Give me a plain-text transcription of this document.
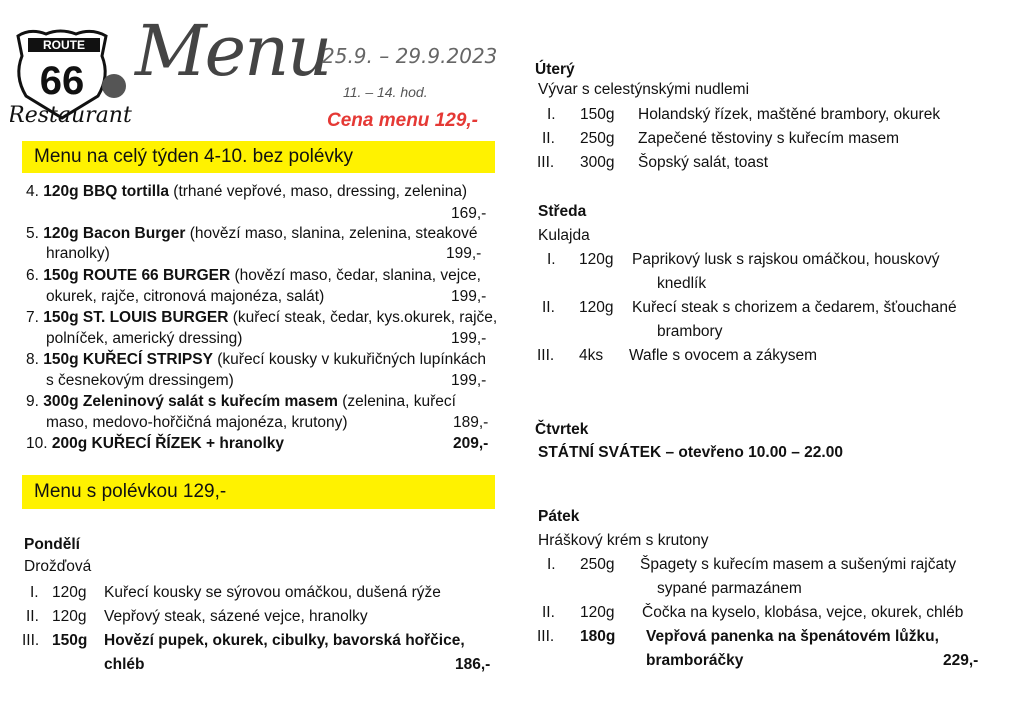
ROUTE
66
Restaurant
Menu
25.9. – 29.9.2023
11. – 14. hod.
Cena menu 129,-
Menu na celý týden 4-10. bez polévky
4. 120g BBQ tortilla (trhané vepřové, maso, dressing, zelenina)
169,-
5. 120g Bacon Burger (hovězí maso, slanina, zelenina, steakové
hranolky)	199,-
6. 150g ROUTE 66 BURGER (hovězí maso, čedar, slanina, vejce,
okurek, rajče, citronová majonéza, salát)	199,-
7. 150g ST. LOUIS BURGER (kuřecí steak, čedar, kys.okurek, rajče,
polníček, americký dressing)	199,-
8. 150g KUŘECÍ STRIPSY (kuřecí kousky v kukuřičných lupínkách
s česnekovým dressingem)	199,-
9. 300g Zeleninový salát s kuřecím masem (zelenina, kuřecí
maso, medovo-hořčičná majonéza, krutony)	189,-
10. 200g KUŘECÍ ŘÍZEK + hranolky	209,-
Menu s polévkou 129,-
Pondělí
Drožďová
I. 120g Kuřecí kousky se sýrovou omáčkou, dušená rýže
II. 120g Vepřový steak, sázené vejce, hranolky
III. 150g Hovězí pupek, okurek, cibulky, bavorská hořčice,
chléb	186,-
Úterý
Vývar s celestýnskými nudlemi
I. 150g Holandský řízek, maštěné brambory, okurek
II. 250g Zapečené těstoviny s kuřecím masem
III. 300g Šopský salát, toast
Středa
Kulajda
I. 120g Paprikový lusk s rajskou omáčkou, houskový
knedlík
II. 120g Kuřecí steak s chorizem a čedarem, šťouchané
brambory
III. 4ks Wafle s ovocem a zákysem
Čtvrtek
STÁTNÍ SVÁTEK – otevřeno 10.00 – 22.00
Pátek
Hráškový krém s krutony
I. 250g Špagety s kuřecím masem a sušenými rajčaty
sypané parmazánem
II. 120g Čočka na kyselo, klobása, vejce, okurek, chléb
III. 180g Vepřová panenka na špenátovém lůžku,
bramboráčky	229,-
